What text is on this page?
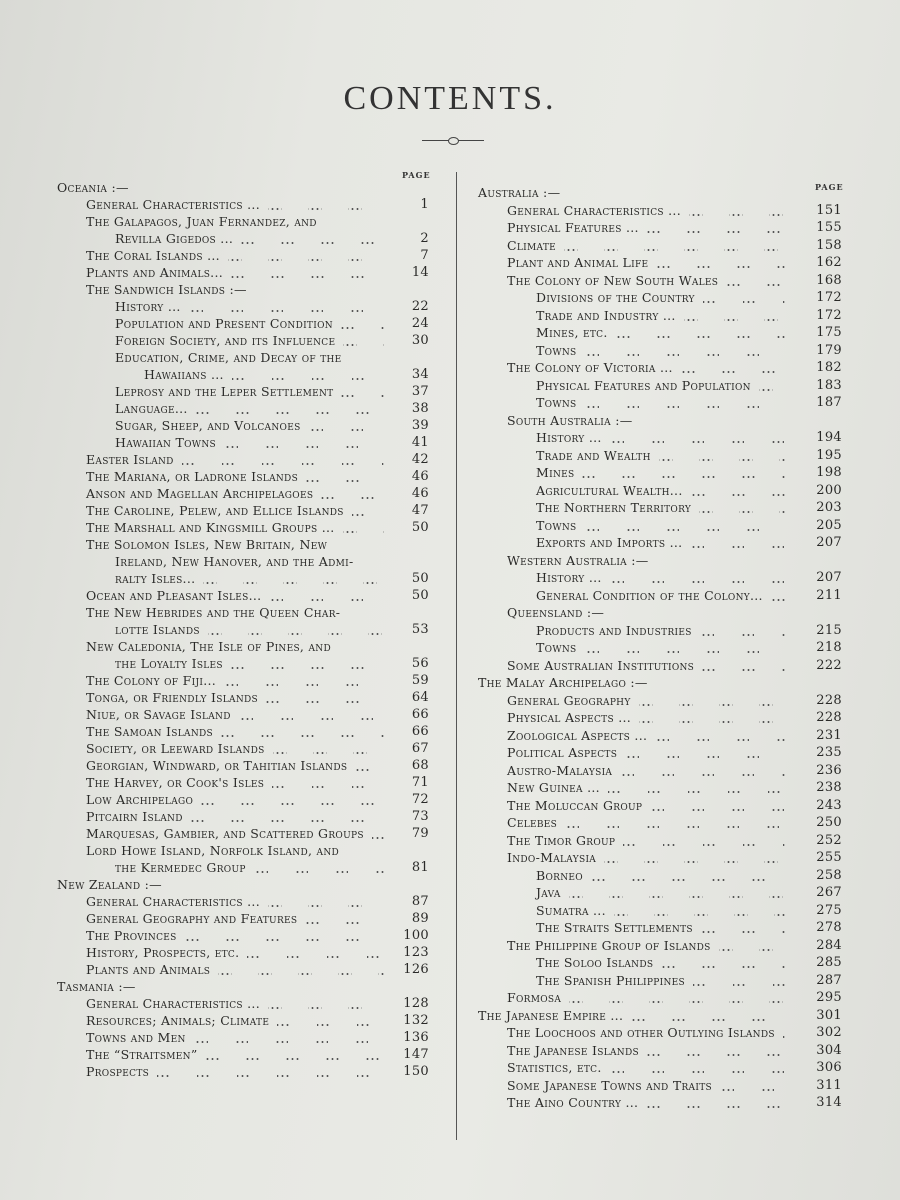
CONTENTS.
PAGE
PAGE
Oceania :—
General Characteristics ...	1
The Galapagos, Juan Fernandez, and
Revilla Gigedos ...	2
The Coral Islands ...	7
Plants and Animals...	14
The Sandwich Islands :—
History ...	22
Population and Present Condition	24
Foreign Society, and its Influence	30
Education, Crime, and Decay of the
Hawaiians ...	34
Leprosy and the Leper Settlement	37
Language...	38
Sugar, Sheep, and Volcanoes	39
Hawaiian Towns	41
Easter Island	42
The Mariana, or Ladrone Islands	46
Anson and Magellan Archipelagoes	46
The Caroline, Pelew, and Ellice Islands	47
The Marshall and Kingsmill Groups ...	50
The Solomon Isles, New Britain, New
Ireland, New Hanover, and the Admi-
ralty Isles...	50
Ocean and Pleasant Isles...	50
The New Hebrides and the Queen Char-
lotte Islands	53
New Caledonia, The Isle of Pines, and
the Loyalty Isles	56
The Colony of Fiji...	59
Tonga, or Friendly Islands	64
Niue, or Savage Island	66
The Samoan Islands	66
Society, or Leeward Islands	67
Georgian, Windward, or Tahitian Islands	68
The Harvey, or Cook's Isles	71
Low Archipelago	72
Pitcairn Island	73
Marquesas, Gambier, and Scattered Groups	79
Lord Howe Island, Norfolk Island, and
the Kermedec Group	81
New Zealand :—
General Characteristics ...	87
General Geography and Features	89
The Provinces	100
History, Prospects, etc.	123
Plants and Animals	126
Tasmania :—
General Characteristics ...	128
Resources; Animals; Climate	132
Towns and Men	136
The “Straitsmen”	147
Prospects	150
Australia :—
General Characteristics ...	151
Physical Features ...	155
Climate	158
Plant and Animal Life	162
The Colony of New South Wales	168
Divisions of the Country	172
Trade and Industry ...	172
Mines, etc.	175
Towns	179
The Colony of Victoria ...	182
Physical Features and Population	183
Towns	187
South Australia :—
History ...	194
Trade and Wealth	195
Mines	198
Agricultural Wealth...	200
The Northern Territory	203
Towns	205
Exports and Imports ...	207
Western Australia :—
History ...	207
General Condition of the Colony...	211
Queensland :—
Products and Industries	215
Towns	218
Some Australian Institutions	222
The Malay Archipelago :—
General Geography	228
Physical Aspects ...	228
Zoological Aspects ...	231
Political Aspects	235
Austro-Malaysia	236
New Guinea ...	238
The Moluccan Group	243
Celebes	250
The Timor Group	252
Indo-Malaysia	255
Borneo	258
Java	267
Sumatra ...	275
The Straits Settlements	278
The Philippine Group of Islands	284
The Soloo Islands	285
The Spanish Philippines	287
Formosa	295
The Japanese Empire ...	301
The Loochoos and other Outlying Islands	302
The Japanese Islands	304
Statistics, etc.	306
Some Japanese Towns and Traits	311
The Aino Country ...	314
